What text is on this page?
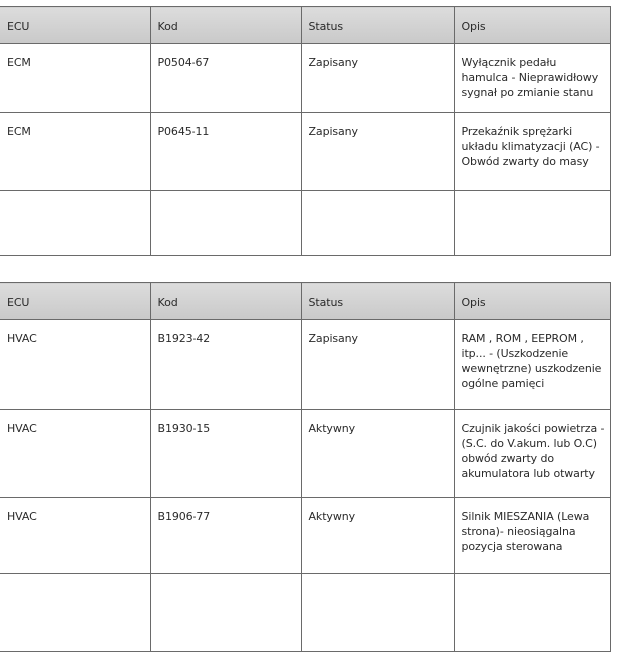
ECU	Kod	Status	Opis
ECM	P0504-67	Zapisany	Wyłącznik pedału hamulca - Nieprawidłowy sygnał po zmianie stanu
ECM	P0645-11	Zapisany	Przekaźnik sprężarki układu klimatyzacji (AC) - Obwód zwarty do masy

ECU	Kod	Status	Opis
HVAC	B1923-42	Zapisany	RAM , ROM , EEPROM , itp... - (Uszkodzenie wewnętrzne) uszkodzenie ogólne pamięci
HVAC	B1930-15	Aktywny	Czujnik jakości powietrza - (S.C. do V.akum. lub O.C) obwód zwarty do akumulatora lub otwarty
HVAC	B1906-77	Aktywny	Silnik MIESZANIA (Lewa strona)- nieosiągalna pozycja sterowana
